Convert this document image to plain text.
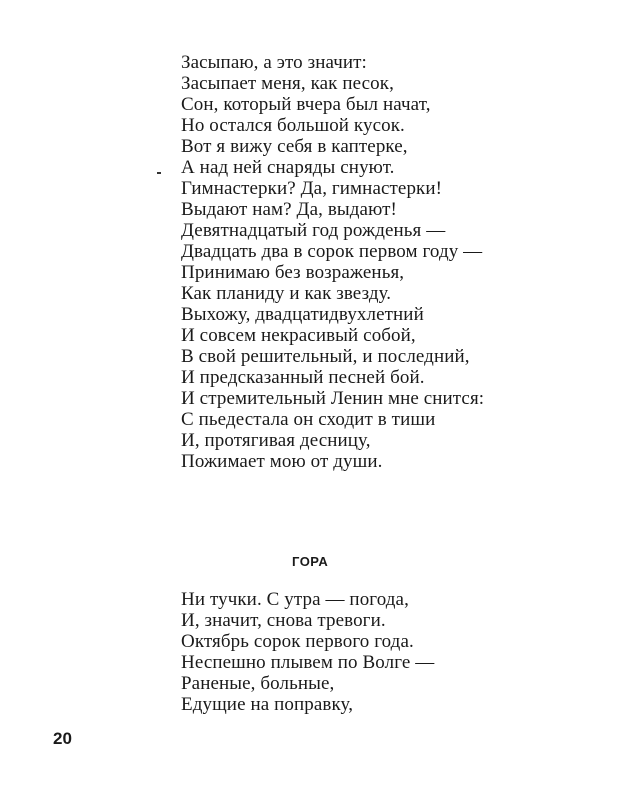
Засыпаю, а это значит:
Засыпает меня, как песок,
Сон, который вчера был начат,
Но остался большой кусок.
Вот я вижу себя в каптерке,
А над ней снаряды снуют.
Гимнастерки? Да, гимнастерки!
Выдают нам? Да, выдают!
Девятнадцатый год рожденья —
Двадцать два в сорок первом году —
Принимаю без возраженья,
Как планиду и как звезду.
Выхожу, двадцатидвухлетний
И совсем некрасивый собой,
В свой решительный, и последний,
И предсказанный песней бой.
И стремительный Ленин мне снится:
С пьедестала он сходит в тиши
И, протягивая десницу,
Пожимает мою от души.
ГОРА
Ни тучки. С утра — погода,
И, значит, снова тревоги.
Октябрь сорок первого года.
Неспешно плывем по Волге —
Раненые, больные,
Едущие на поправку,
20
